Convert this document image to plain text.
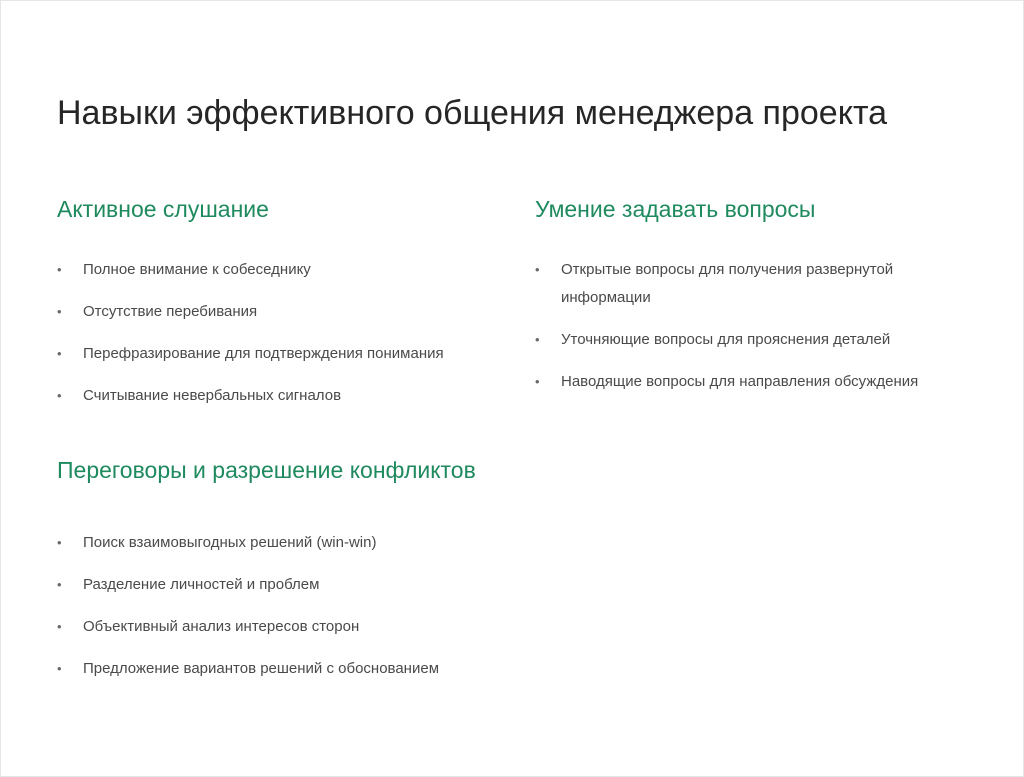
Навыки эффективного общения менеджера проекта
Активное слушание
• Полное внимание к собеседнику
• Отсутствие перебивания
• Перефразирование для подтверждения понимания
• Считывание невербальных сигналов
Умение задавать вопросы
• Открытые вопросы для получения развернутой информации
• Уточняющие вопросы для прояснения деталей
• Наводящие вопросы для направления обсуждения
Переговоры и разрешение конфликтов
• Поиск взаимовыгодных решений (win-win)
• Разделение личностей и проблем
• Объективный анализ интересов сторон
• Предложение вариантов решений с обоснованием
